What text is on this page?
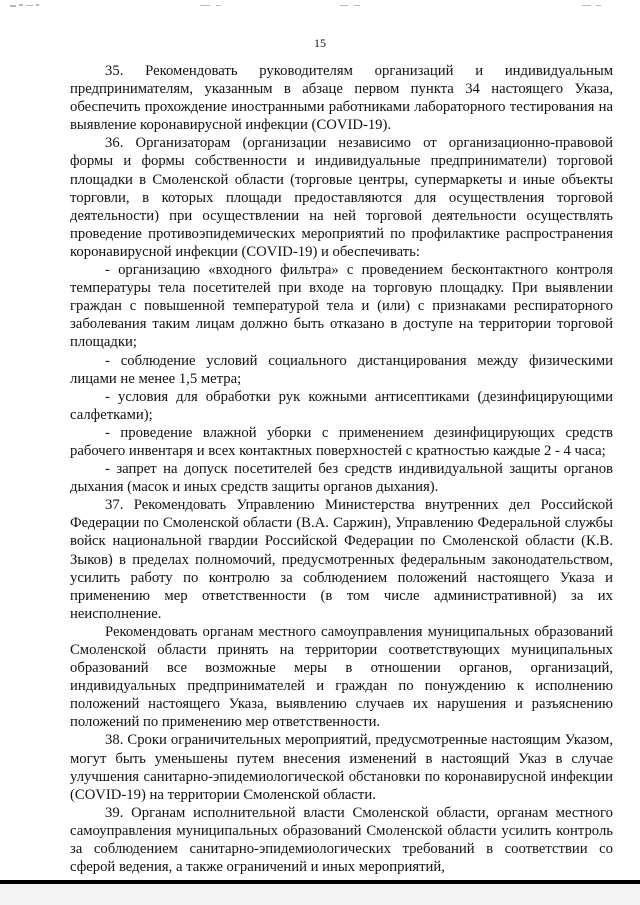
15

35. Рекомендовать руководителям организаций и индивидуальным предпринимателям, указанным в абзаце первом пункта 34 настоящего Указа, обеспечить прохождение иностранными работниками лабораторного тестирования на выявление коронавирусной инфекции (COVID-19).

36. Организаторам (организации независимо от организационно-правовой формы и формы собственности и индивидуальные предприниматели) торговой площадки в Смоленской области (торговые центры, супермаркеты и иные объекты торговли, в которых площади предоставляются для осуществления торговой деятельности) при осуществлении на ней торговой деятельности осуществлять проведение противоэпидемических мероприятий по профилактике распространения коронавирусной инфекции (COVID-19) и обеспечивать:

- организацию «входного фильтра» с проведением бесконтактного контроля температуры тела посетителей при входе на торговую площадку. При выявлении граждан с повышенной температурой тела и (или) с признаками респираторного заболевания таким лицам должно быть отказано в доступе на территории торговой площадки;

- соблюдение условий социального дистанцирования между физическими лицами не менее 1,5 метра;

- условия для обработки рук кожными антисептиками (дезинфицирующими салфетками);

- проведение влажной уборки с применением дезинфицирующих средств рабочего инвентаря и всех контактных поверхностей с кратностью каждые 2 - 4 часа;

- запрет на допуск посетителей без средств индивидуальной защиты органов дыхания (масок и иных средств защиты органов дыхания).

37. Рекомендовать Управлению Министерства внутренних дел Российской Федерации по Смоленской области (В.А. Саржин), Управлению Федеральной службы войск национальной гвардии Российской Федерации по Смоленской области (К.В. Зыков) в пределах полномочий, предусмотренных федеральным законодательством, усилить работу по контролю за соблюдением положений настоящего Указа и применению мер ответственности (в том числе административной) за их неисполнение.

Рекомендовать органам местного самоуправления муниципальных образований Смоленской области принять на территории соответствующих муниципальных образований все возможные меры в отношении органов, организаций, индивидуальных предпринимателей и граждан по понуждению к исполнению положений настоящего Указа, выявлению случаев их нарушения и разъяснению положений по применению мер ответственности.

38. Сроки ограничительных мероприятий, предусмотренные настоящим Указом, могут быть уменьшены путем внесения изменений в настоящий Указ в случае улучшения санитарно-эпидемиологической обстановки по коронавирусной инфекции (COVID-19) на территории Смоленской области.

39. Органам исполнительной власти Смоленской области, органам местного самоуправления муниципальных образований Смоленской области усилить контроль за соблюдением санитарно-эпидемиологических требований в соответствии со сферой ведения, а также ограничений и иных мероприятий,
